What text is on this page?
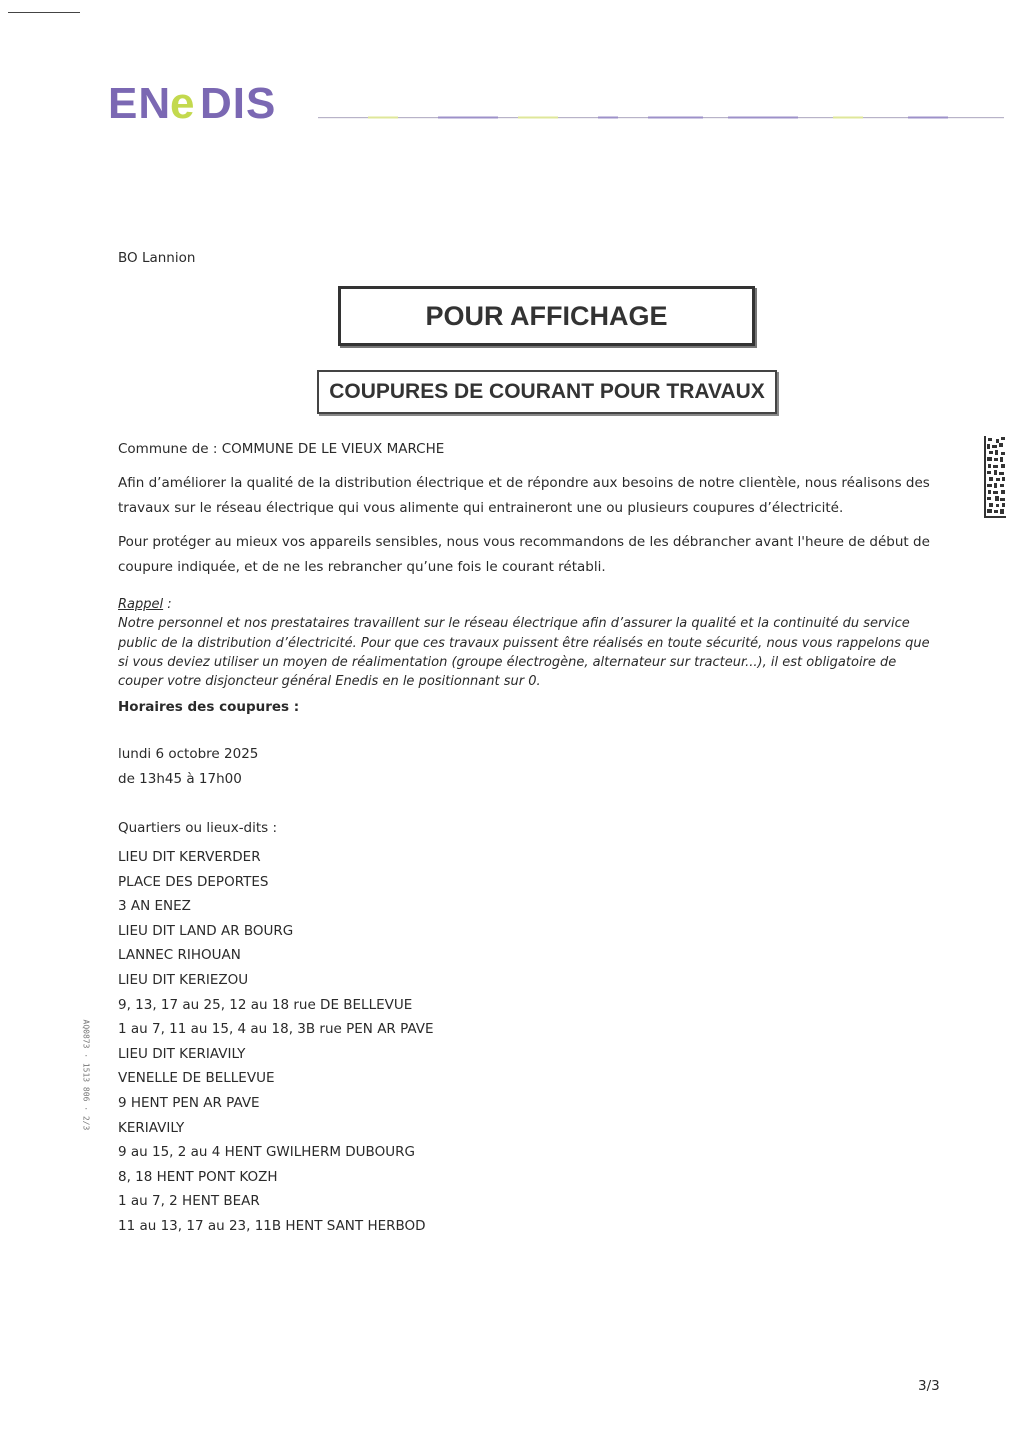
EN
e DIS
BO Lannion
POUR AFFICHAGE
COUPURES DE COURANT POUR TRAVAUX
Commune de : COMMUNE DE LE VIEUX MARCHE

Afin d’améliorer la qualité de la distribution électrique et de répondre aux besoins de notre clientèle, nous réalisons des travaux sur le réseau électrique qui vous alimente qui entraineront une ou plusieurs coupures d’électricité.

Pour protéger au mieux vos appareils sensibles, nous vous recommandons de les débrancher avant l'heure de début de coupure indiquée, et de ne les rebrancher qu’une fois le courant rétabli.

Rappel :
Notre personnel et nos prestataires travaillent sur le réseau électrique afin d’assurer la qualité et la continuité du service public de la distribution d’électricité. Pour que ces travaux puissent être réalisés en toute sécurité, nous vous rappelons que si vous deviez utiliser un moyen de réalimentation (groupe électrogène, alternateur sur tracteur...), il est obligatoire de couper votre disjoncteur général Enedis en le positionnant sur 0.
Horaires des coupures :
lundi 6 octobre 2025
de 13h45 à 17h00
Quartiers ou lieux-dits :
LIEU DIT KERVERDER
PLACE DES DEPORTES
3 AN ENEZ
LIEU DIT LAND AR BOURG
LANNEC RIHOUAN
LIEU DIT KERIEZOU
9, 13, 17 au 25, 12 au 18 rue DE BELLEVUE
1 au 7, 11 au 15, 4 au 18, 3B rue PEN AR PAVE
LIEU DIT KERIAVILY
VENELLE DE BELLEVUE
9 HENT PEN AR PAVE
KERIAVILY
9 au 15, 2 au 4 HENT GWILHERM DUBOURG
8, 18 HENT PONT KOZH
1 au 7, 2 HENT BEAR
11 au 13, 17 au 23, 11B HENT SANT HERBOD
AQ0873 · 1513 806 · 2/3
3/3
